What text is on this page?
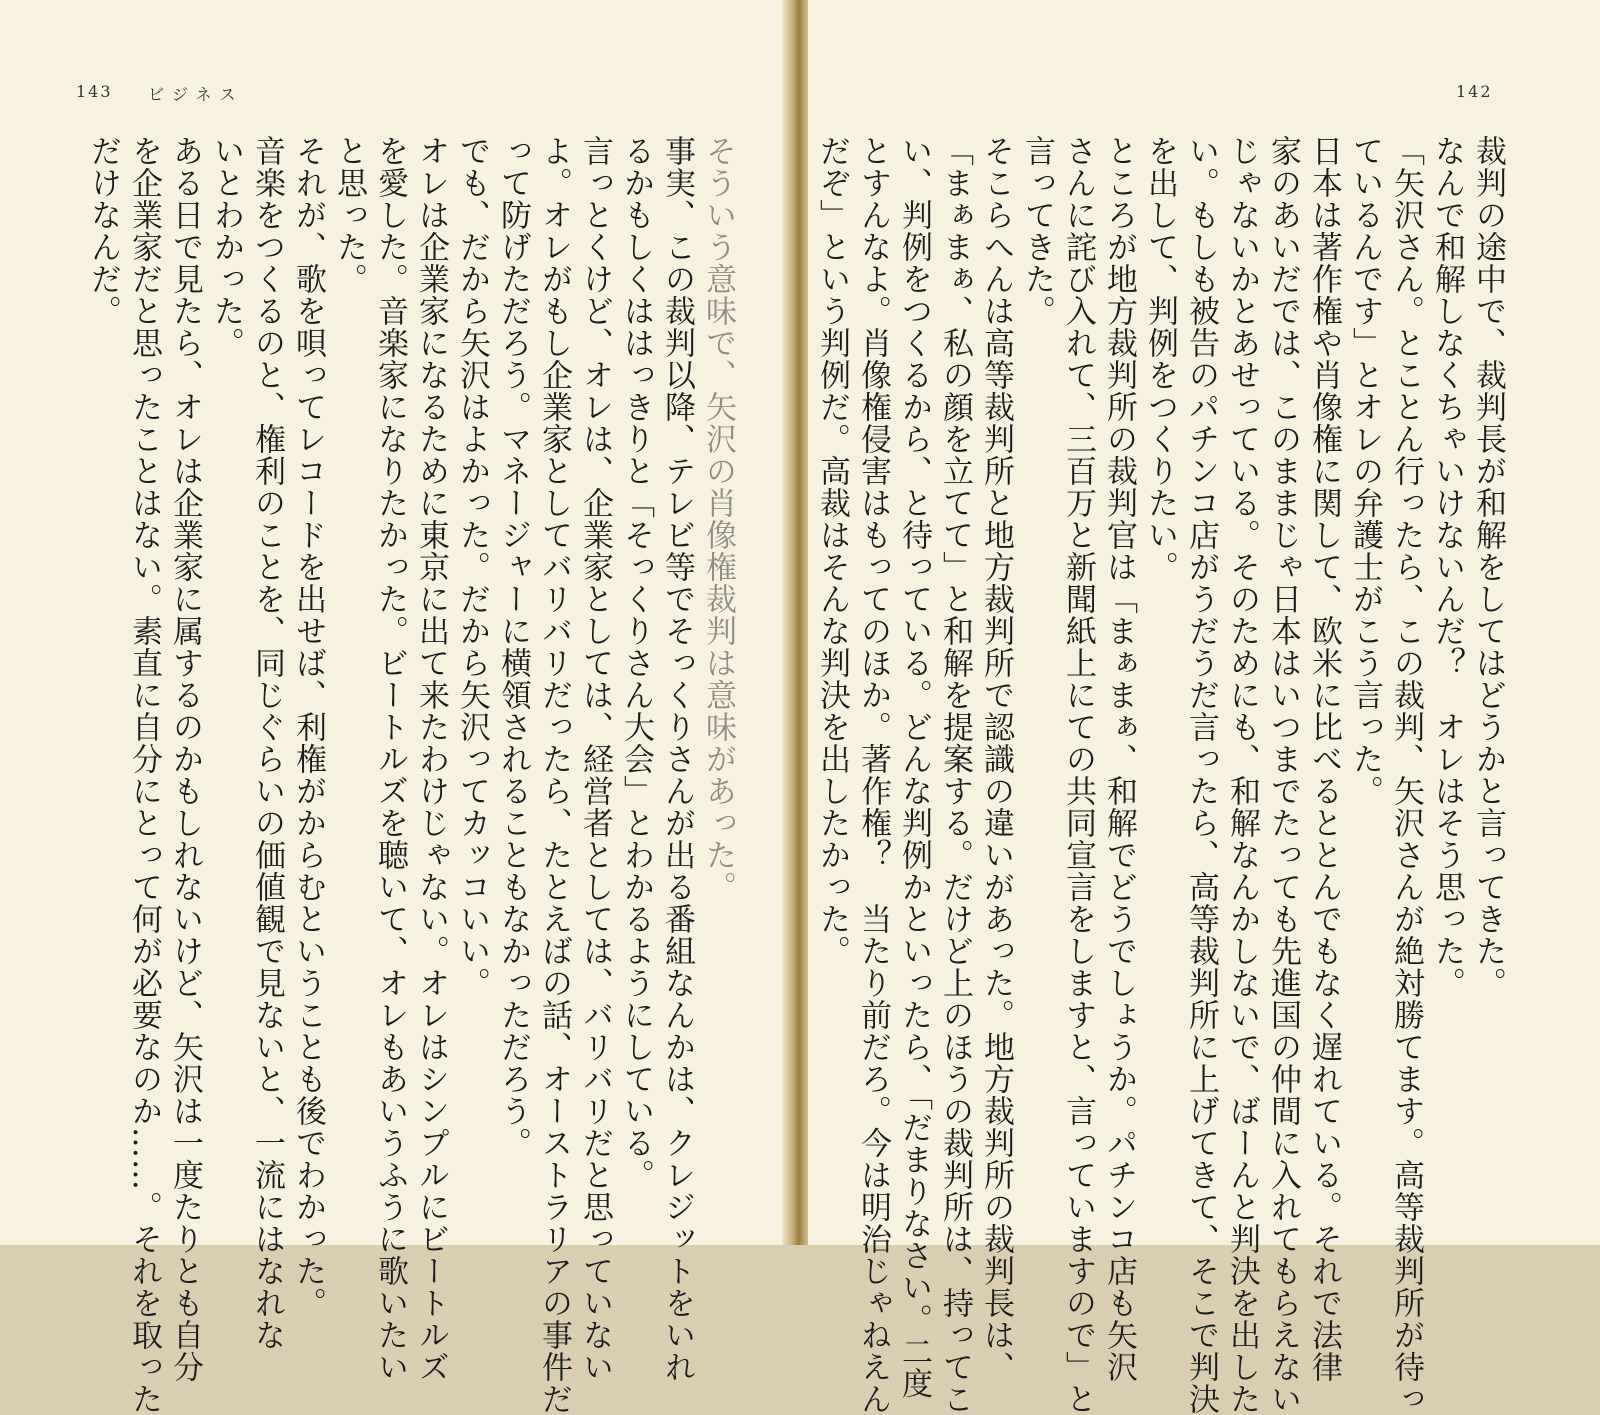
143 ビジネス

そういう意味で、矢沢の肖像権裁判は意味があった。

事実、この裁判以降、テレビ等でそっくりさんが出る番組なんかは、クレジットをいれ

るかもしくははっきりと「そっくりさん大会」とわかるようにしている。

言っとくけど、オレは、企業家としては、経営者としては、バリバリだと思っていない

よ。オレがもし企業家としてバリバリだったら、たとえばの話、オーストラリアの事件だ

って防げただろう。マネージャーに横領されることもなかっただろう。

でも、だから矢沢はよかった。だから矢沢ってカッコいい。

オレは企業家になるために東京に出て来たわけじゃない。オレはシンプルにビートルズ

を愛した。音楽家になりたかった。ビートルズを聴いて、オレもあいうふうに歌いたい

と思った。

それが、歌を唄ってレコードを出せば、利権がからむということも後でわかった。

音楽をつくるのと、権利のことを、同じぐらいの価値観で見ないと、一流にはなれな

いとわかった。

ある日で見たら、オレは企業家に属するのかもしれないけど、矢沢は一度たりとも自分

を企業家だと思ったことはない。素直に自分にとって何が必要なのか……。それを取った

だけなんだ。

142

裁判の途中で、裁判長が和解をしてはどうかと言ってきた。

なんで和解しなくちゃいけないんだ？　オレはそう思った。

「矢沢さん。とことん行ったら、この裁判、矢沢さんが絶対勝てます。高等裁判所が待っ

ているんです」とオレの弁護士がこう言った。

日本は著作権や肖像権に関して、欧米に比べるととんでもなく遅れている。それで法律

家のあいだでは、このままじゃ日本はいつまでたっても先進国の仲間に入れてもらえない

じゃないかとあせっている。そのためにも、和解なんかしないで、ばーんと判決を出した

い。もしも被告のパチンコ店がうだうだ言ったら、高等裁判所に上げてきて、そこで判決

を出して、判例をつくりたい。

ところが地方裁判所の裁判官は「まぁまぁ、和解でどうでしょうか。パチンコ店も矢沢

さんに詫び入れて、三百万と新聞紙上にての共同宣言をしますと、言っていますので」と

言ってきた。

そこらへんは高等裁判所と地方裁判所で認識の違いがあった。地方裁判所の裁判長は、

「まぁまぁ、私の顔を立てて」と和解を提案する。だけど上のほうの裁判所は、持ってこ

い、判例をつくるから、と待っている。どんな判例かといったら、「だまりなさい。二度

とすんなよ。肖像権侵害はもってのほか。著作権？　当たり前だろ。今は明治じゃねえん

だぞ」という判例だ。高裁はそんな判決を出したかった。
